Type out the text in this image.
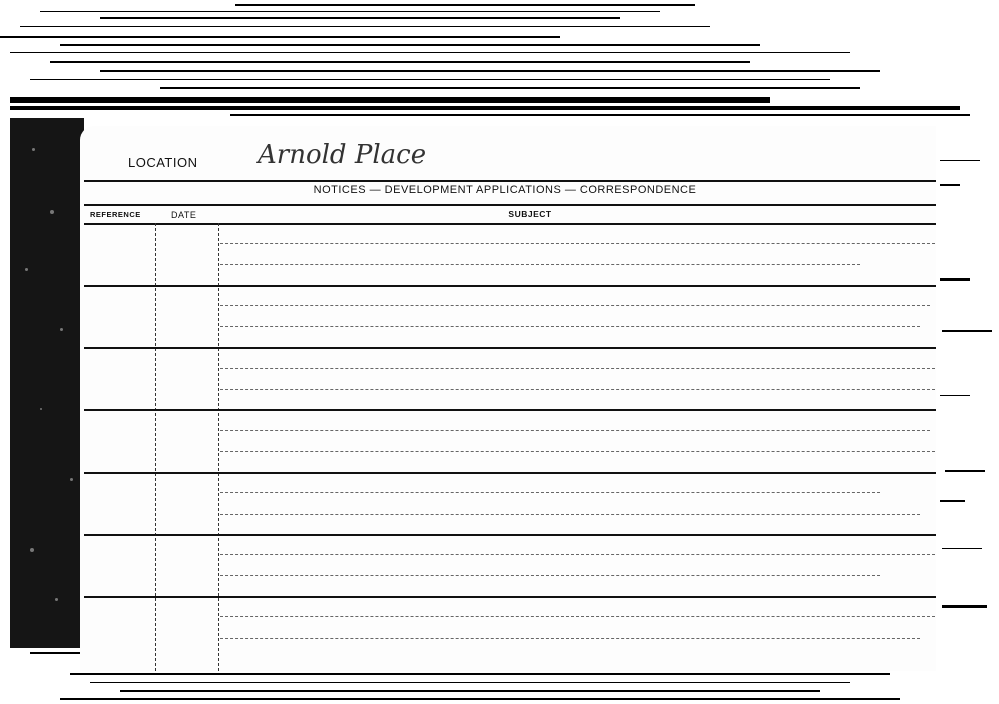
LOCATION Arnold Place
NOTICES — DEVELOPMENT APPLICATIONS — CORRESPONDENCE
REFERENCE	DATE	SUBJECT
